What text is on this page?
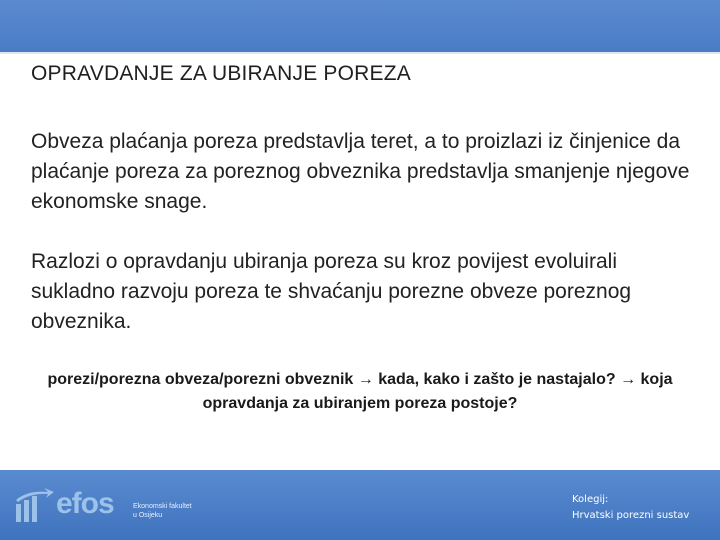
OPRAVDANJE ZA UBIRANJE POREZA

Obveza plaćanja poreza predstavlja teret, a to proizlazi iz činjenice da plaćanje poreza za poreznog obveznika predstavlja smanjenje njegove ekonomske snage.

Razlozi o opravdanju ubiranja poreza su kroz povijest evoluirali sukladno razvoju poreza te shvaćanju porezne obveze poreznog obveznika.

porezi/porezna obveza/porezni obveznik → kada, kako i zašto je nastajalo? → koja opravdanja za ubiranjem poreza postoje?

efos	Ekonomski fakultet
u Osijeku
Kolegij:
Hrvatski porezni sustav
